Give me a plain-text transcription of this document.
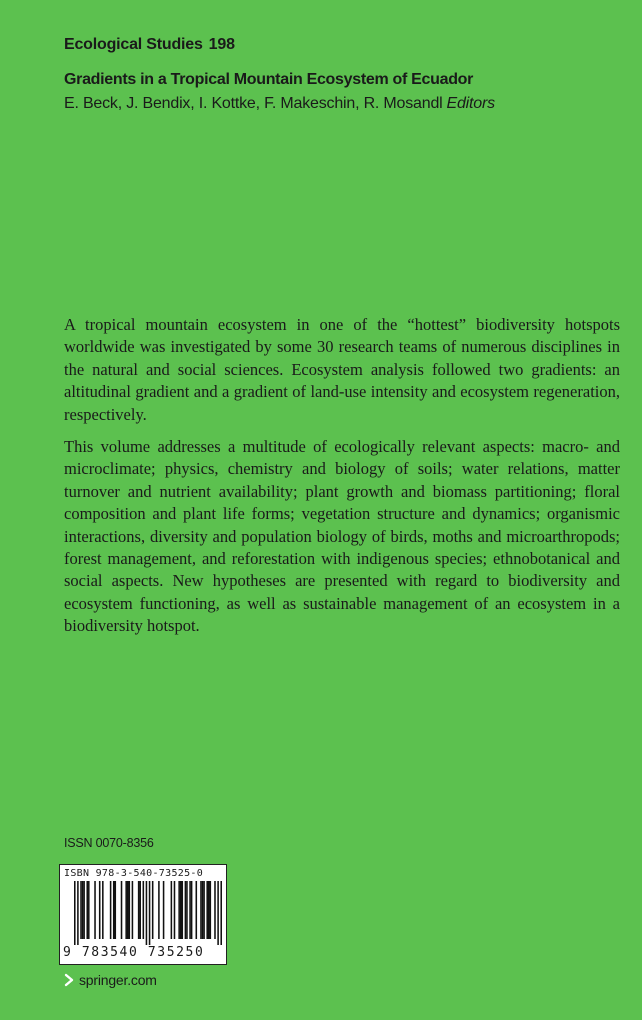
Ecological Studies 198
Gradients in a Tropical Mountain Ecosystem of Ecuador
E. Beck, J. Bendix, I. Kottke, F. Makeschin, R. Mosandl Editors

A tropical mountain ecosystem in one of the “hottest” biodiversity hotspots worldwide was investigated by some 30 research teams of numerous disciplines in the natural and social sciences. Ecosystem analysis followed two gradients: an altitudinal gradient and a gradient of land-use intensity and ecosystem regeneration, respectively.

This volume addresses a multitude of ecologically relevant aspects: macro- and microclimate; physics, chemistry and biology of soils; water relations, matter turnover and nutrient availability; plant growth and biomass partitioning; floral composition and plant life forms; vegetation structure and dynamics; organismic interactions, diversity and population biology of birds, moths and microarthropods; forest management, and reforestation with indigenous species; ethnobotanical and social aspects. New hypotheses are presented with regard to biodiversity and ecosystem functioning, as well as sustainable management of an ecosystem in a biodiversity hotspot.

ISSN 0070-8356
ISBN 978-3-540-73525-0
9 783540 735250
springer.com
